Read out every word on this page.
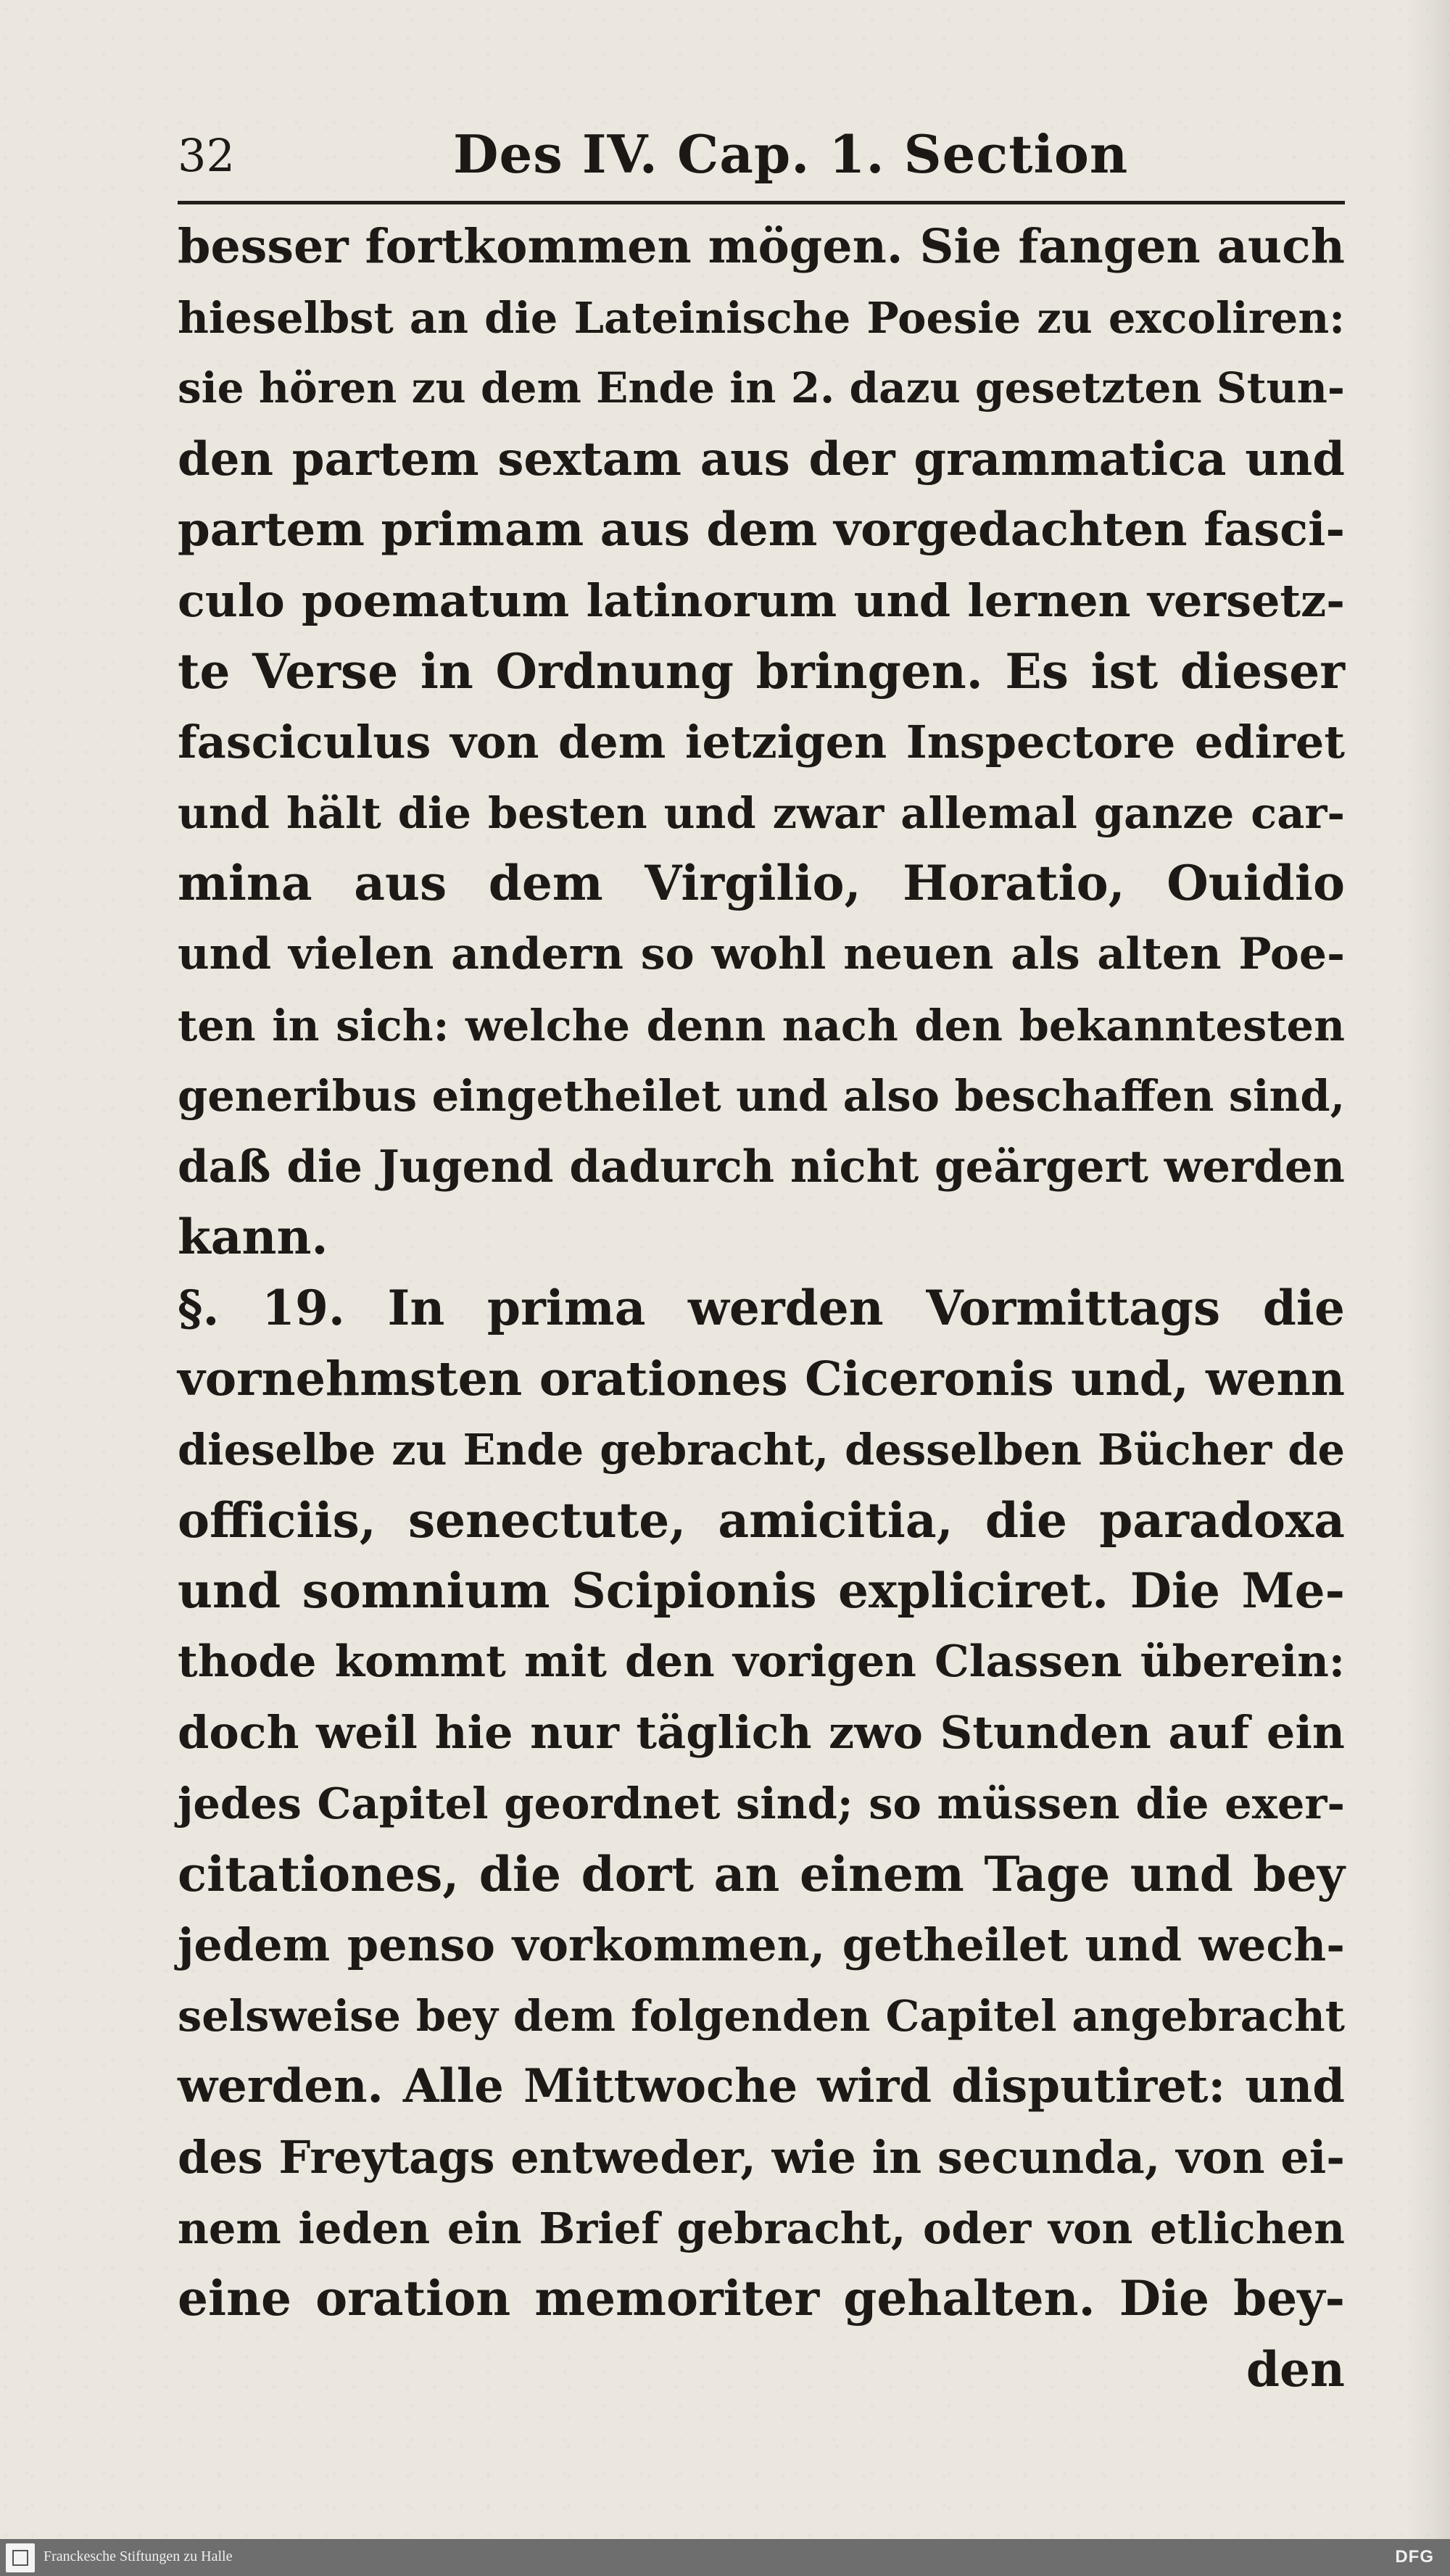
32	Des IV. Cap. 1. Section
besser fortkommen mögen. Sie fangen auch
hieselbst an die Lateinische Poesie zu excoliren:
sie hören zu dem Ende in 2. dazu gesetzten Stun-
den partem sextam aus der grammatica und
partem primam aus dem vorgedachten fasci-
culo poematum latinorum und lernen versetz-
te Verse in Ordnung bringen. Es ist dieser
fasciculus von dem ietzigen Inspectore ediret
und hält die besten und zwar allemal ganze car-
mina aus dem Virgilio, Horatio, Ouidio
und vielen andern so wohl neuen als alten Poe-
ten in sich: welche denn nach den bekanntesten
generibus eingetheilet und also beschaffen sind,
daß die Jugend dadurch nicht geärgert werden
kann.
§. 19. In prima werden Vormittags die
vornehmsten orationes Ciceronis und, wenn
dieselbe zu Ende gebracht, desselben Bücher de
officiis, senectute, amicitia, die paradoxa
und somnium Scipionis expliciret. Die Me-
thode kommt mit den vorigen Classen überein:
doch weil hie nur täglich zwo Stunden auf ein
jedes Capitel geordnet sind; so müssen die exer-
citationes, die dort an einem Tage und bey
jedem penso vorkommen, getheilet und wech-
selsweise bey dem folgenden Capitel angebracht
werden. Alle Mittwoche wird disputiret: und
des Freytags entweder, wie in secunda, von ei-
nem ieden ein Brief gebracht, oder von etlichen
eine oration memoriter gehalten. Die bey-
den
Franckesche Stiftungen zu Halle	DFG
